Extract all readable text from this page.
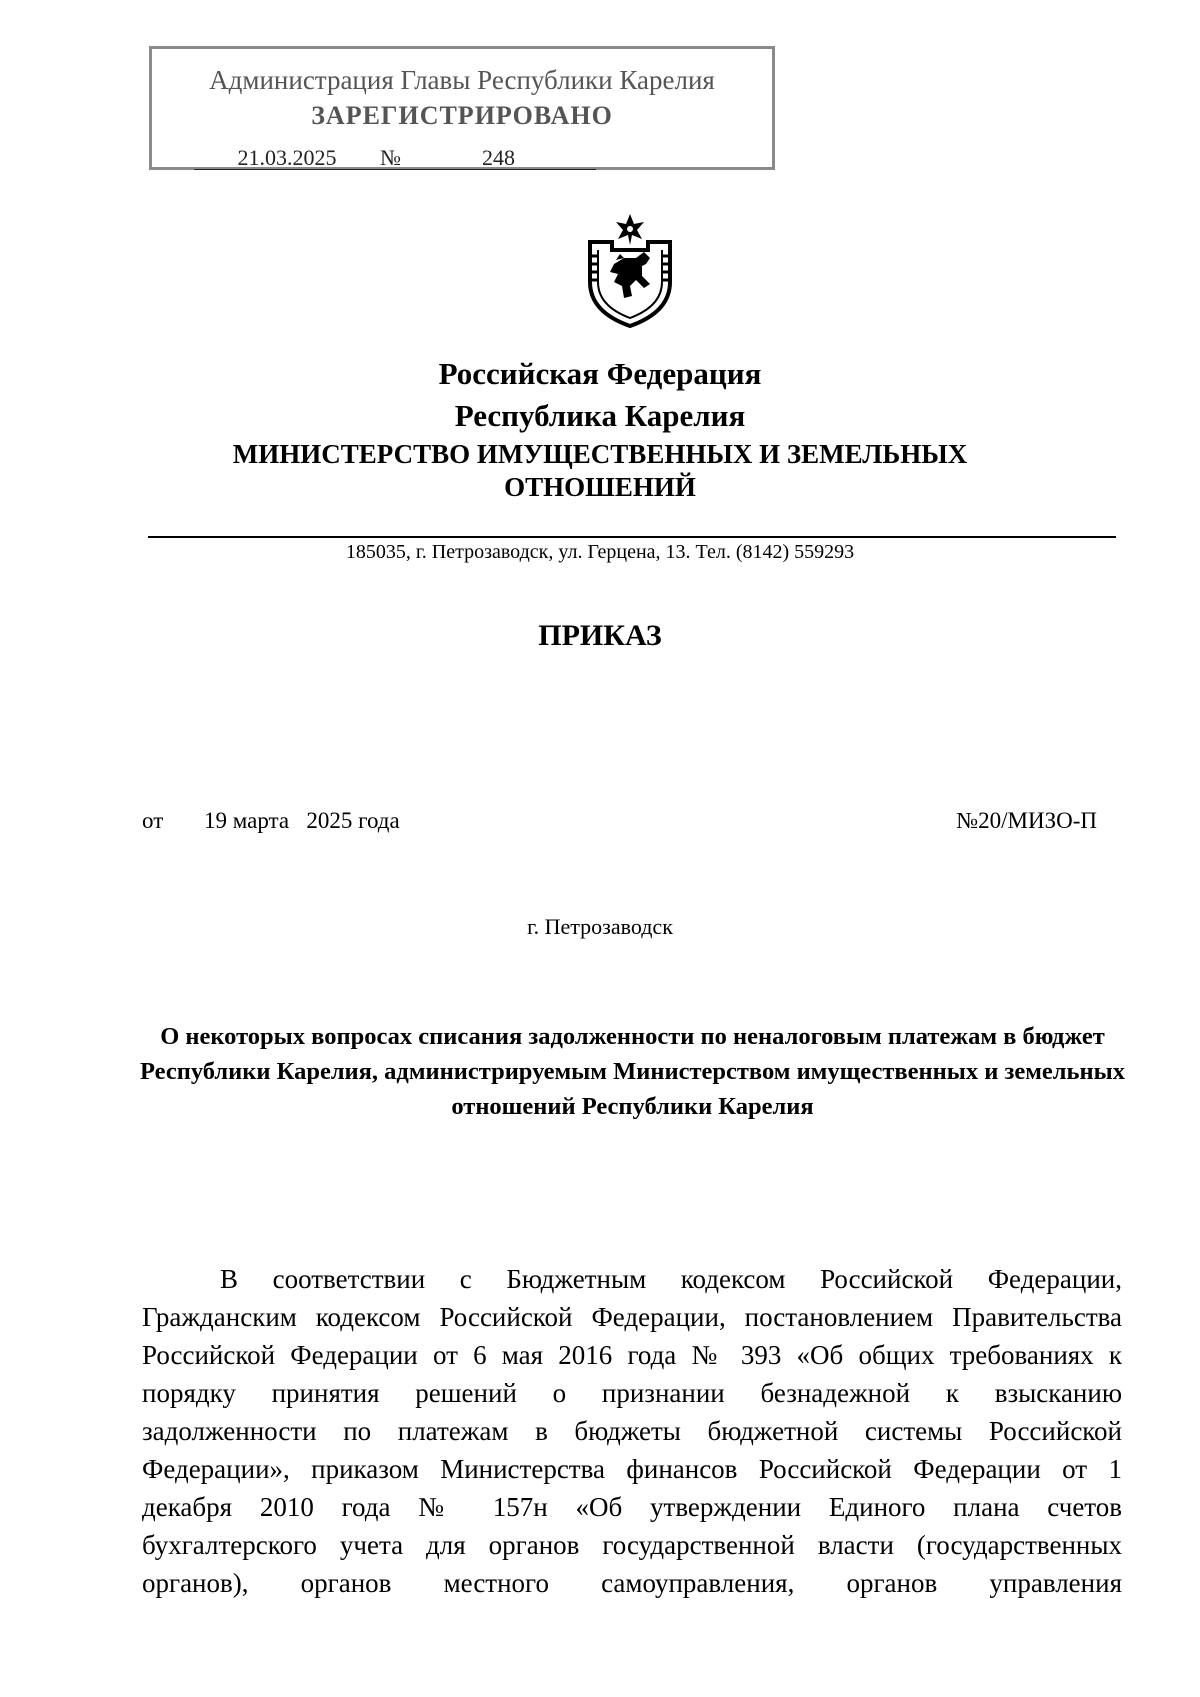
Администрация Главы Республики Карелия
ЗАРЕГИСТРИРОВАНО
21.03.2025 №	248
Российская Федерация
Республика Карелия
МИНИСТЕРСТВО ИМУЩЕСТВЕННЫХ И ЗЕМЕЛЬНЫХ
ОТНОШЕНИЙ
185035, г. Петрозаводск, ул. Герцена, 13. Тел. (8142) 559293
ПРИКАЗ
от 19 марта   2025 года	№20/МИЗО-П
г. Петрозаводск
О некоторых вопросах списания задолженности по неналоговым платежам в бюджет Республики Карелия, администрируемым Министерством имущественных и земельных отношений Республики Карелия
В соответствии с Бюджетным кодексом Российской Федерации,
Гражданским кодексом Российской Федерации, постановлением Правительства
Российской Федерации от 6 мая 2016 года № 393 «Об общих требованиях к
порядку принятия решений о признании безнадежной к взысканию
задолженности по платежам в бюджеты бюджетной системы Российской
Федерации», приказом Министерства финансов Российской Федерации от 1
декабря 2010 года № 157н «Об утверждении Единого плана счетов
бухгалтерского учета для органов государственной власти (государственных
органов), органов местного самоуправления, органов управления
